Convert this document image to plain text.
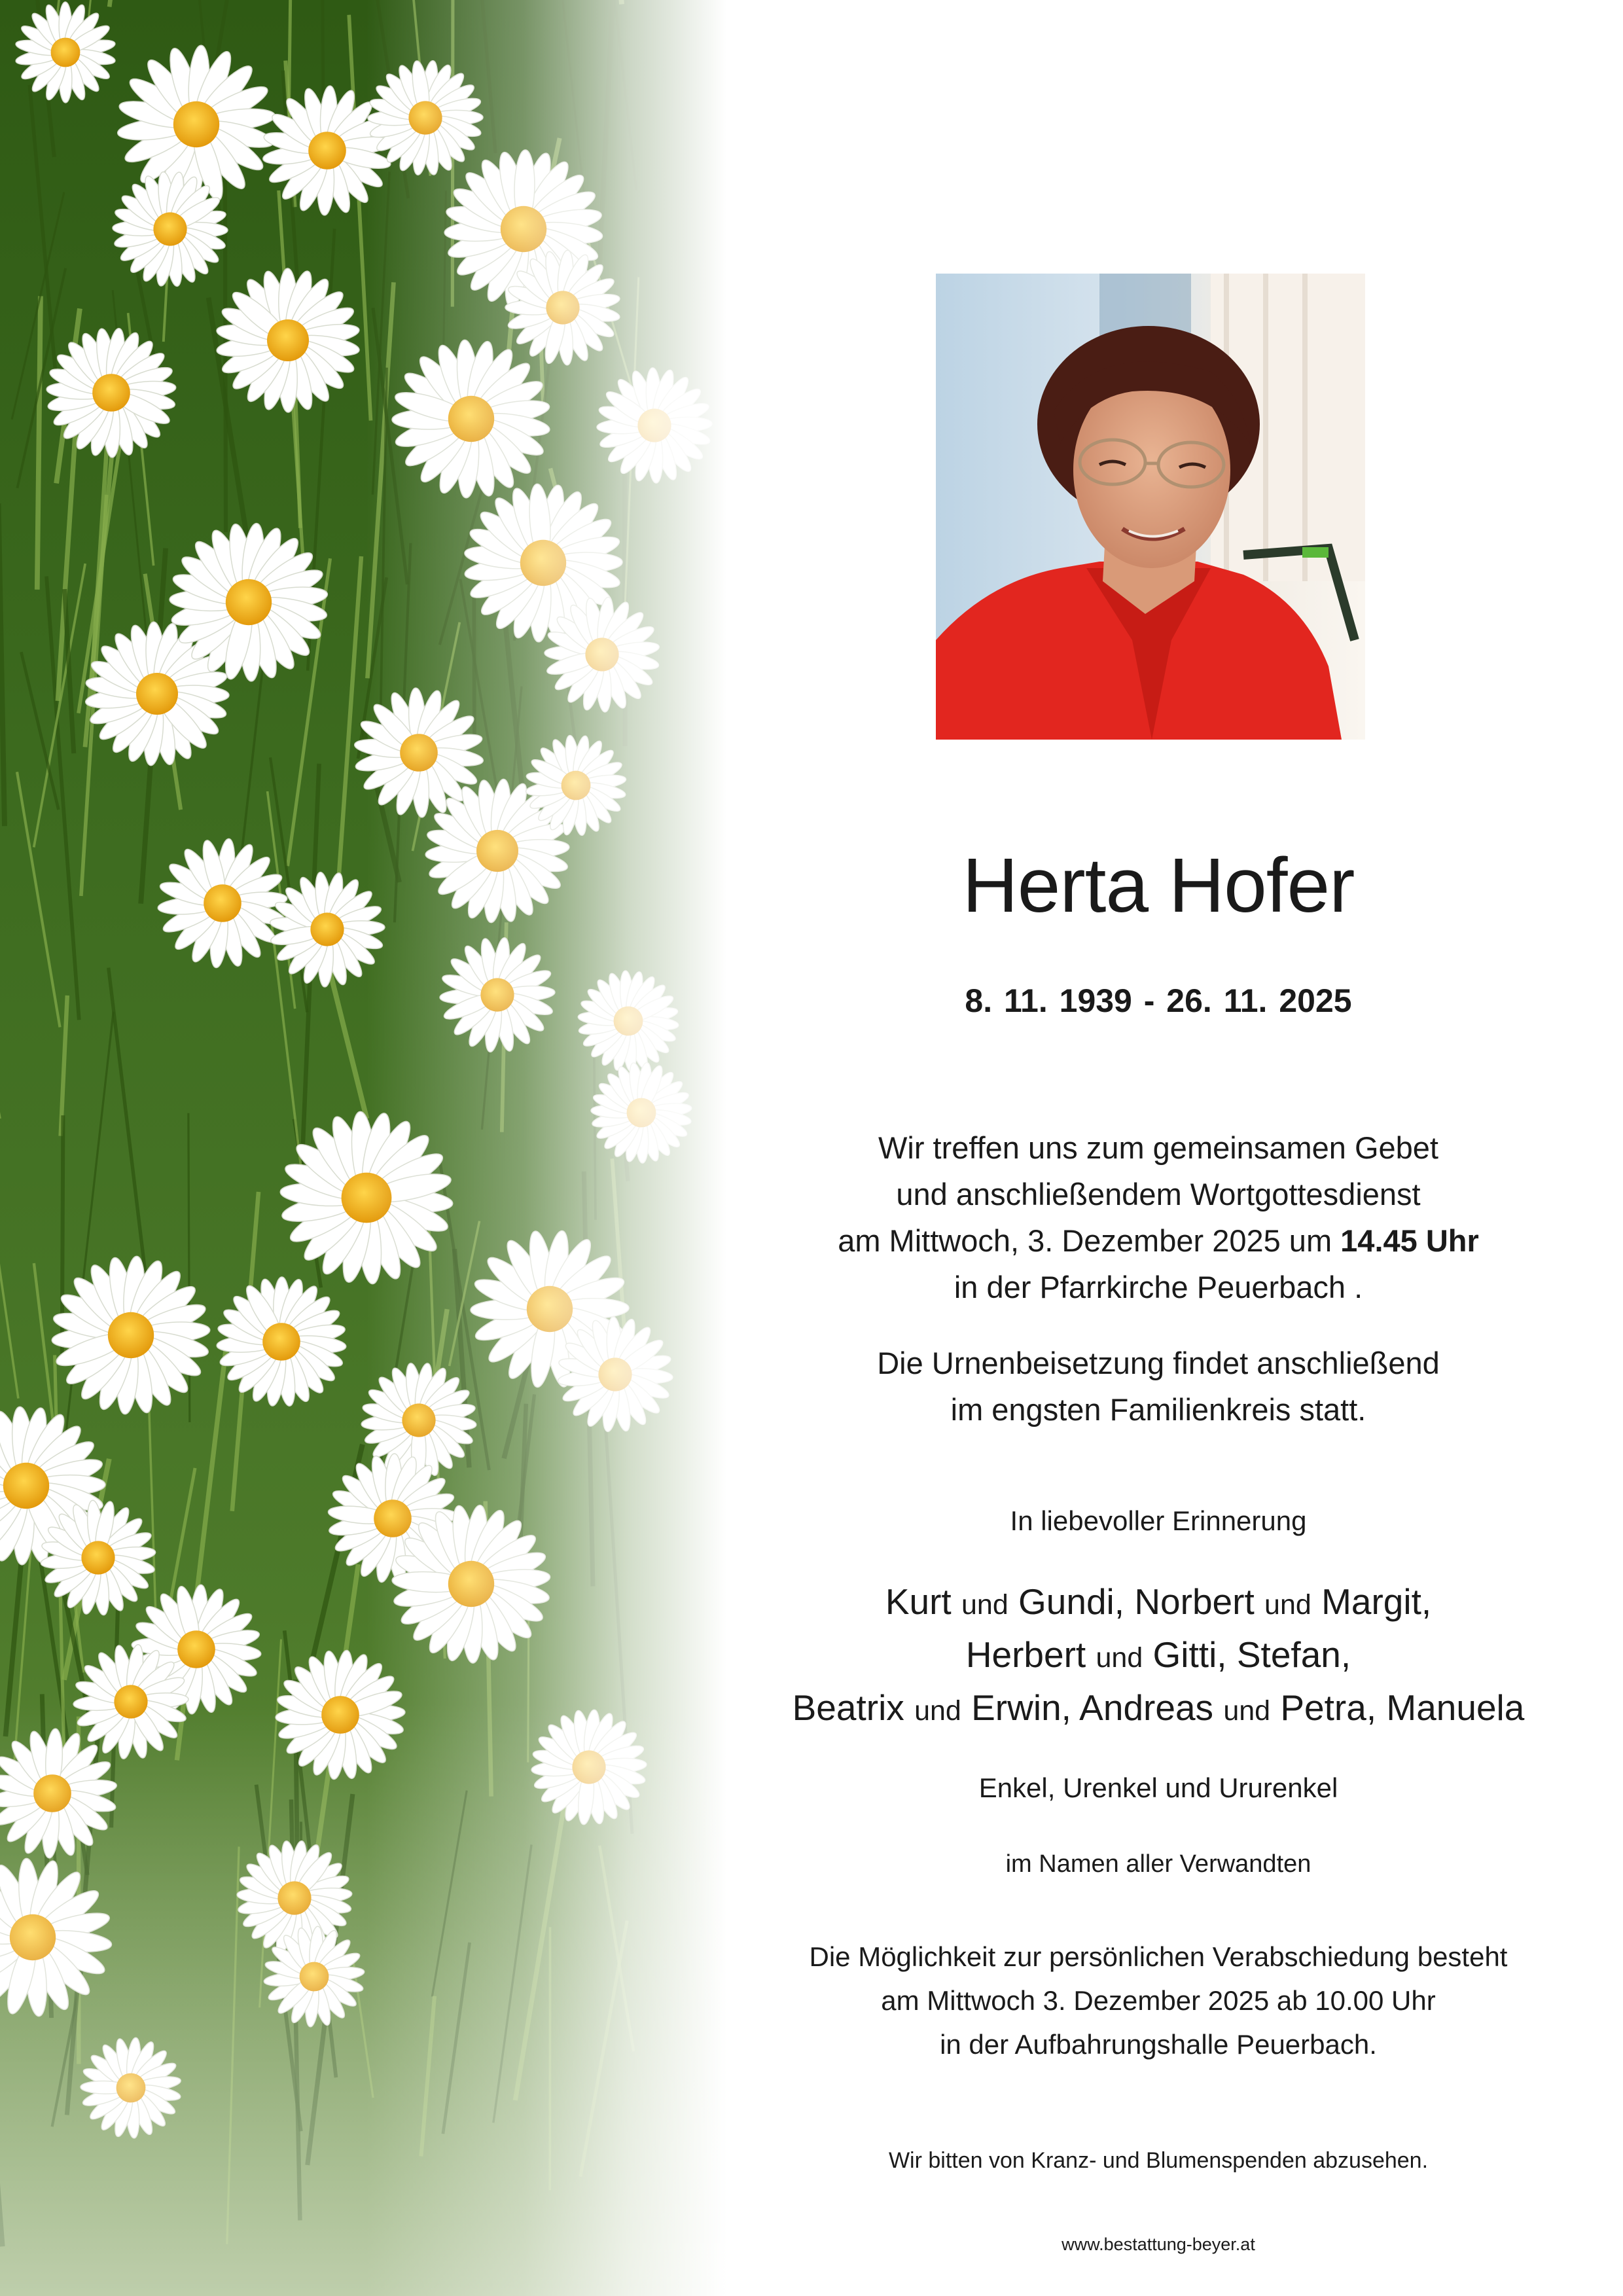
Herta Hofer
8. 11. 1939 - 26. 11. 2025
Wir treffen uns zum gemeinsamen Gebet
und anschließendem Wortgottesdienst
am Mittwoch, 3. Dezember 2025 um 14.45 Uhr
in der Pfarrkirche Peuerbach .
Die Urnenbeisetzung findet anschließend
im engsten Familienkreis statt.
In liebevoller Erinnerung
Kurt und Gundi, Norbert und Margit,
Herbert und Gitti, Stefan,
Beatrix und Erwin, Andreas und Petra, Manuela
Enkel, Urenkel und Ururenkel
im Namen aller Verwandten
Die Möglichkeit zur persönlichen Verabschiedung besteht
am Mittwoch 3. Dezember 2025 ab 10.00 Uhr
in der Aufbahrungshalle Peuerbach.
Wir bitten von Kranz- und Blumenspenden abzusehen.
www.bestattung-beyer.at
